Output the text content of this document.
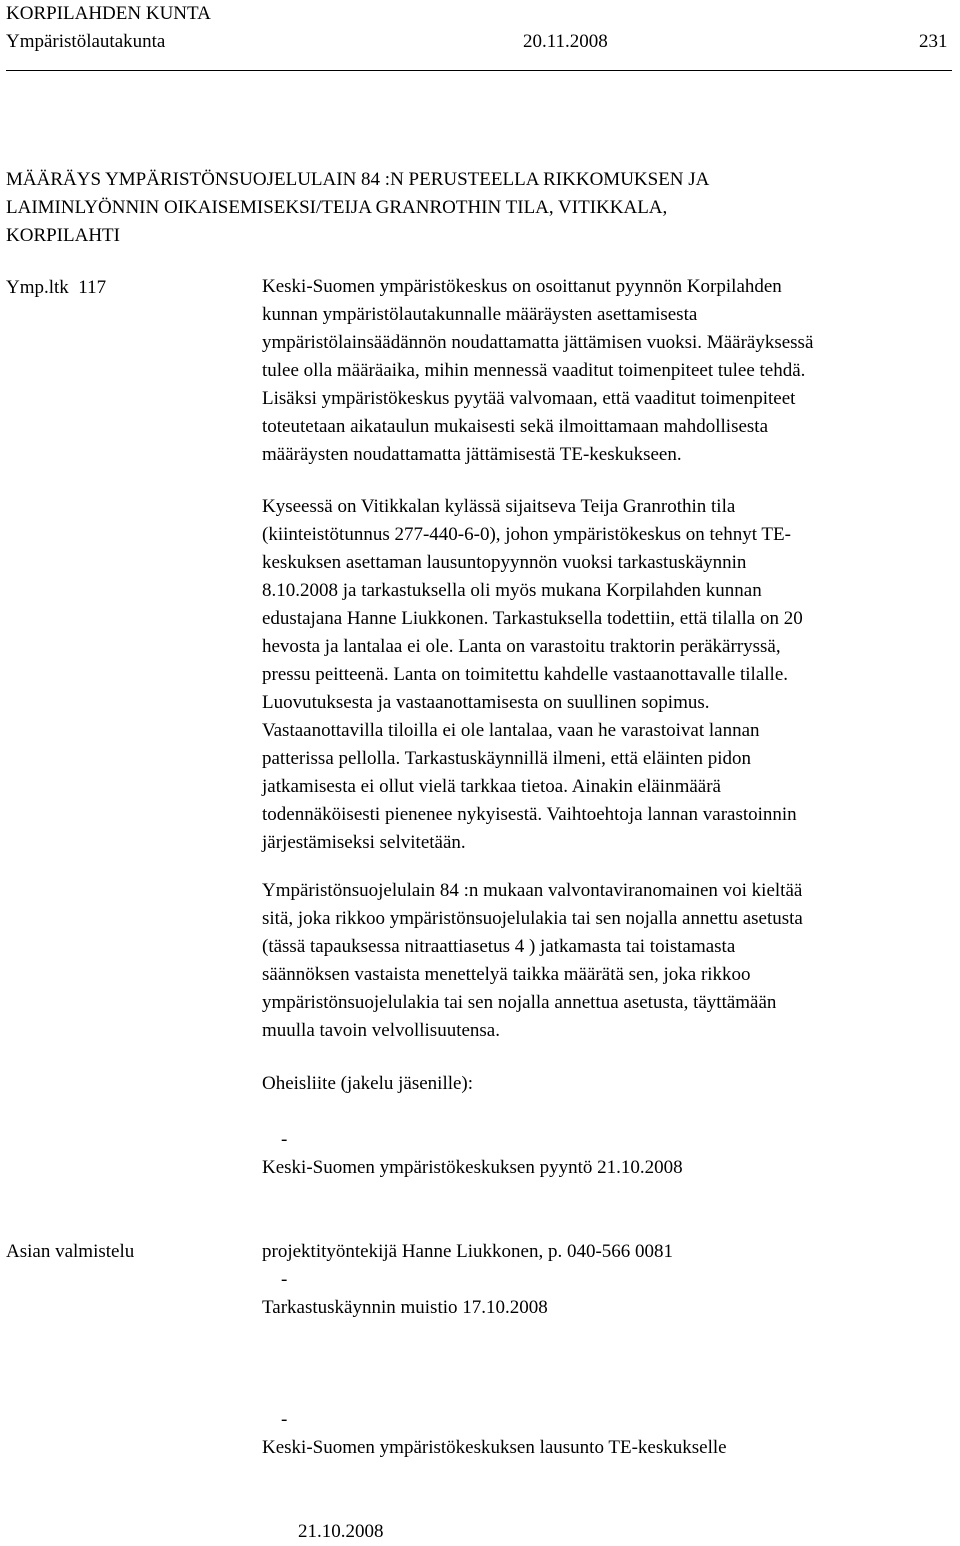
KORPILAHDEN KUNTA
Ympäristölautakunta	20.11.2008	231
MÄÄRÄYS YMPÄRISTÖNSUOJELULAIN 84 :N PERUSTEELLA RIKKOMUKSEN JA
LAIMINLYÖNNIN OIKAISEMISEKSI/TEIJA GRANROTHIN TILA, VITIKKALA,
KORPILAHTI
Ymp.ltk  117	Keski-Suomen ympäristökeskus on osoittanut pyynnön Korpilahden
kunnan ympäristölautakunnalle määräysten asettamisesta
ympäristölainsäädännön noudattamatta jättämisen vuoksi. Määräyksessä
tulee olla määräaika, mihin mennessä vaaditut toimenpiteet tulee tehdä.
Lisäksi ympäristökeskus pyytää valvomaan, että vaaditut toimenpiteet
toteutetaan aikataulun mukaisesti sekä ilmoittamaan mahdollisesta
määräysten noudattamatta jättämisestä TE-keskukseen.
Kyseessä on Vitikkalan kylässä sijaitseva Teija Granrothin tila
(kiinteistötunnus 277-440-6-0), johon ympäristökeskus on tehnyt TE-
keskuksen asettaman lausuntopyynnön vuoksi tarkastuskäynnin
8.10.2008 ja tarkastuksella oli myös mukana Korpilahden kunnan
edustajana Hanne Liukkonen. Tarkastuksella todettiin, että tilalla on 20
hevosta ja lantalaa ei ole. Lanta on varastoitu traktorin peräkärryssä,
pressu peitteenä. Lanta on toimitettu kahdelle vastaanottavalle tilalle.
Luovutuksesta ja vastaanottamisesta on suullinen sopimus.
Vastaanottavilla tiloilla ei ole lantalaa, vaan he varastoivat lannan
patterissa pellolla. Tarkastuskäynnillä ilmeni, että eläinten pidon
jatkamisesta ei ollut vielä tarkkaa tietoa. Ainakin eläinmäärä
todennäköisesti pienenee nykyisestä. Vaihtoehtoja lannan varastoinnin
järjestämiseksi selvitetään.
Ympäristönsuojelulain 84 :n mukaan valvontaviranomainen voi kieltää
sitä, joka rikkoo ympäristönsuojelulakia tai sen nojalla annettu asetusta
(tässä tapauksessa nitraattiasetus 4 ) jatkamasta tai toistamasta
säännöksen vastaista menettelyä taikka määrätä sen, joka rikkoo
ympäristönsuojelulakia tai sen nojalla annettua asetusta, täyttämään
muulla tavoin velvollisuutensa.
Oheisliite (jakelu jäsenille):

-
Keski-Suomen ympäristökeskuksen pyyntö 21.10.2008

-
Tarkastuskäynnin muistio 17.10.2008

-
Keski-Suomen ympäristökeskuksen lausunto TE-keskukselle

21.10.2008
Asian valmistelu	projektityöntekijä Hanne Liukkonen, p. 040-566 0081
